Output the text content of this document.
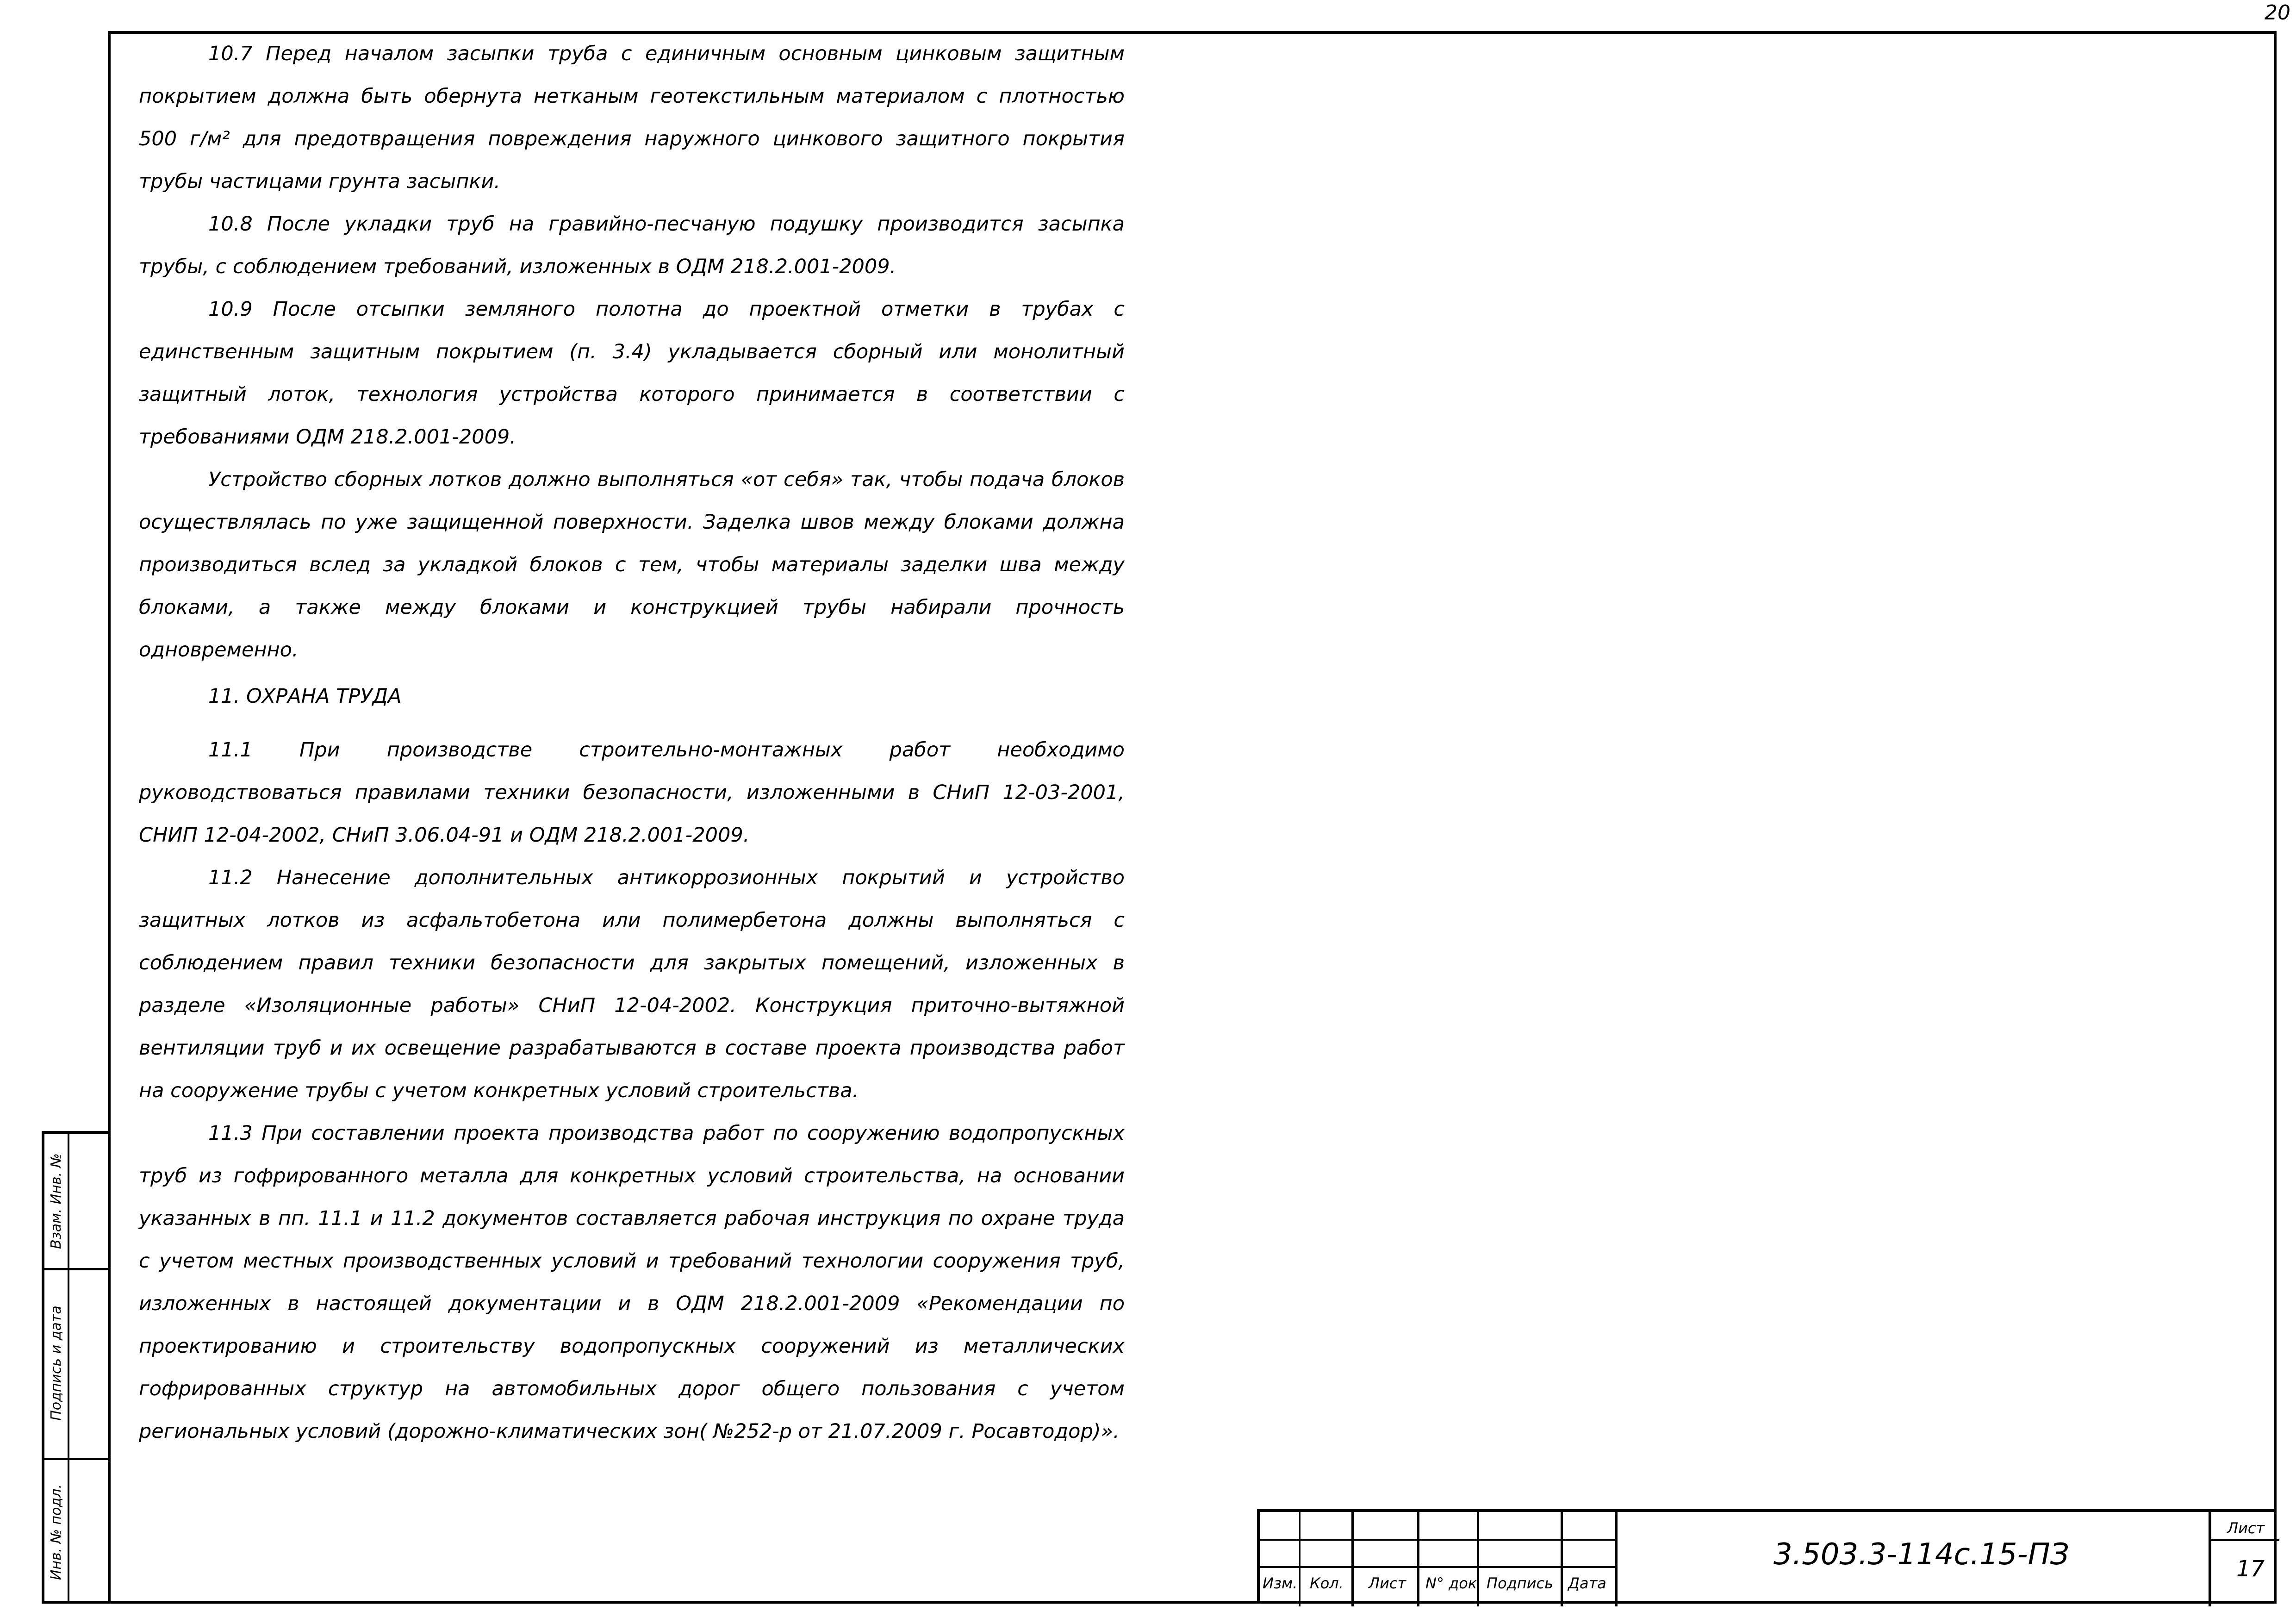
20

10.7 Перед началом засыпки труба с единичным основным цинковым защитным покрытием должна быть обернута нетканым геотекстильным материалом с плотностью 500 г/м² для предотвращения повреждения наружного цинкового защитного покрытия трубы частицами грунта засыпки.

10.8 После укладки труб на гравийно-песчаную подушку производится засыпка трубы, с соблюдением требований, изложенных в ОДМ 218.2.001-2009.

10.9 После отсыпки земляного полотна до проектной отметки в трубах с единственным защитным покрытием (п. 3.4) укладывается сборный или монолитный защитный лоток, технология устройства которого принимается в соответствии с требованиями ОДМ 218.2.001-2009.

Устройство сборных лотков должно выполняться «от себя» так, чтобы подача блоков осуществлялась по уже защищенной поверхности. Заделка швов между блоками должна производиться вслед за укладкой блоков с тем, чтобы материалы заделки шва между блоками, а также между блоками и конструкцией трубы набирали прочность одновременно.

11. ОХРАНА ТРУДА

11.1 При производстве строительно-монтажных работ необходимо руководствоваться правилами техники безопасности, изложенными в СНиП 12-03-2001, СНИП 12-04-2002, СНиП 3.06.04-91 и ОДМ 218.2.001-2009.

11.2 Нанесение дополнительных антикоррозионных покрытий и устройство защитных лотков из асфальтобетона или полимербетона должны выполняться с соблюдением правил техники безопасности для закрытых помещений, изложенных в разделе «Изоляционные работы» СНиП 12-04-2002. Конструкция приточно-вытяжной вентиляции труб и их освещение разрабатываются в составе проекта производства работ на сооружение трубы с учетом конкретных условий строительства.

11.3 При составлении проекта производства работ по сооружению водопропускных труб из гофрированного металла для конкретных условий строительства, на основании указанных в пп. 11.1 и 11.2 документов составляется рабочая инструкция по охране труда с учетом местных производственных условий и требований технологии сооружения труб, изложенных в настоящей документации и в ОДМ 218.2.001-2009 «Рекомендации по проектированию и строительству водопропускных сооружений из металлических гофрированных структур на автомобильных дорог общего пользования с учетом региональных условий (дорожно-климатических зон( №252-р от 21.07.2009 г. Росавтодор)».

Взам. Инв. №
Подпись и дата
Инв. № подл.
Изм. Кол. Лист N° док Подпись Дата
3.503.3-114с.15-ПЗ
Лист
17
